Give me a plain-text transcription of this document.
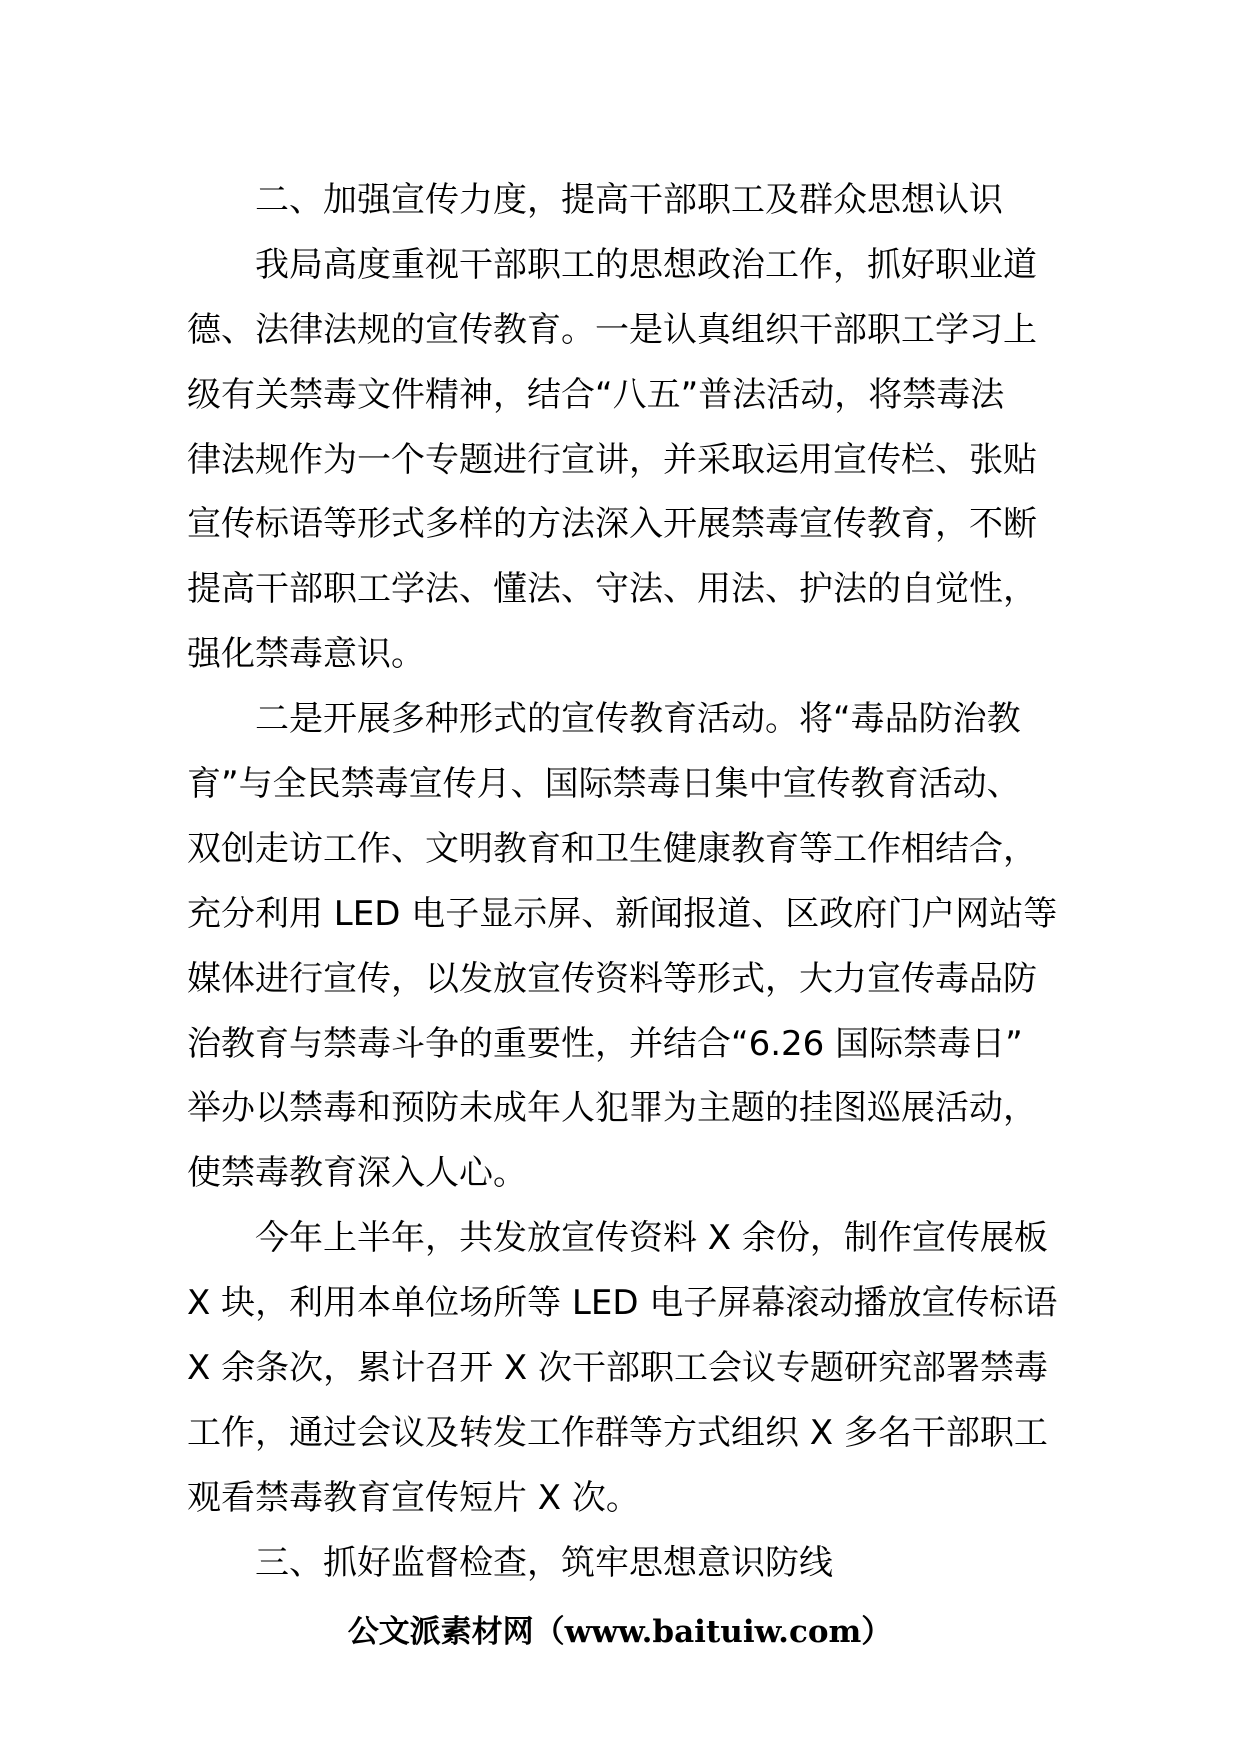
二、加强宣传力度，提高干部职工及群众思想认识
我局高度重视干部职工的思想政治工作，抓好职业道
德、法律法规的宣传教育。一是认真组织干部职工学习上
级有关禁毒文件精神，结合“八五”普法活动，将禁毒法
律法规作为一个专题进行宣讲，并采取运用宣传栏、张贴
宣传标语等形式多样的方法深入开展禁毒宣传教育，不断
提高干部职工学法、懂法、守法、用法、护法的自觉性，
强化禁毒意识。
二是开展多种形式的宣传教育活动。将“毒品防治教
育”与全民禁毒宣传月、国际禁毒日集中宣传教育活动、
双创走访工作、文明教育和卫生健康教育等工作相结合，
充分利用 LED 电子显示屏、新闻报道、区政府门户网站等
媒体进行宣传，以发放宣传资料等形式，大力宣传毒品防
治教育与禁毒斗争的重要性，并结合“6.26 国际禁毒日”
举办以禁毒和预防未成年人犯罪为主题的挂图巡展活动，
使禁毒教育深入人心。
今年上半年，共发放宣传资料 X 余份，制作宣传展板
X 块，利用本单位场所等 LED 电子屏幕滚动播放宣传标语
X 余条次，累计召开 X 次干部职工会议专题研究部署禁毒
工作，通过会议及转发工作群等方式组织 X 多名干部职工
观看禁毒教育宣传短片 X 次。
三、抓好监督检查，筑牢思想意识防线
公文派素材网（www.baituiw.com）
